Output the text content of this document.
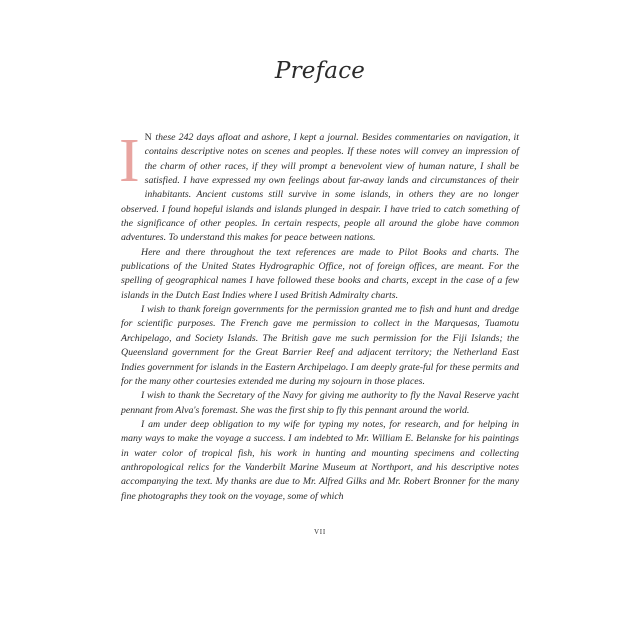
Preface

I N these 242 days afloat and ashore, I kept a journal. Besides commentaries on navigation, it contains descriptive notes on scenes and peoples. If these notes will convey an impression of the charm of other races, if they will prompt a benevolent view of human nature, I shall be satisfied. I have expressed my own feelings about far-away lands and circumstances of their inhabitants. Ancient customs still survive in some islands, in others they are no longer observed. I found hopeful islands and islands plunged in despair. I have tried to catch something of the significance of other peoples. In certain respects, people all around the globe have common adventures. To understand this makes for peace between nations.

Here and there throughout the text references are made to Pilot Books and charts. The publications of the United States Hydrographic Office, not of foreign offices, are meant. For the spelling of geographical names I have followed these books and charts, except in the case of a few islands in the Dutch East Indies where I used British Admiralty charts.

I wish to thank foreign governments for the permission granted me to fish and hunt and dredge for scientific purposes. The French gave me permission to collect in the Marquesas, Tuamotu Archipelago, and Society Islands. The British gave me such permission for the Fiji Islands; the Queensland government for the Great Barrier Reef and adjacent territory; the Netherland East Indies government for islands in the Eastern Archipelago. I am deeply grate-ful for these permits and for the many other courtesies extended me during my sojourn in those places.

I wish to thank the Secretary of the Navy for giving me authority to fly the Naval Reserve yacht pennant from Alva's foremast. She was the first ship to fly this pennant around the world.

I am under deep obligation to my wife for typing my notes, for research, and for helping in many ways to make the voyage a success. I am indebted to Mr. William E. Belanske for his paintings in water color of tropical fish, his work in hunting and mounting specimens and collecting anthropological relics for the Vanderbilt Marine Museum at Northport, and his descriptive notes accompanying the text. My thanks are due to Mr. Alfred Gilks and Mr. Robert Bronner for the many fine photographs they took on the voyage, some of which

VII
